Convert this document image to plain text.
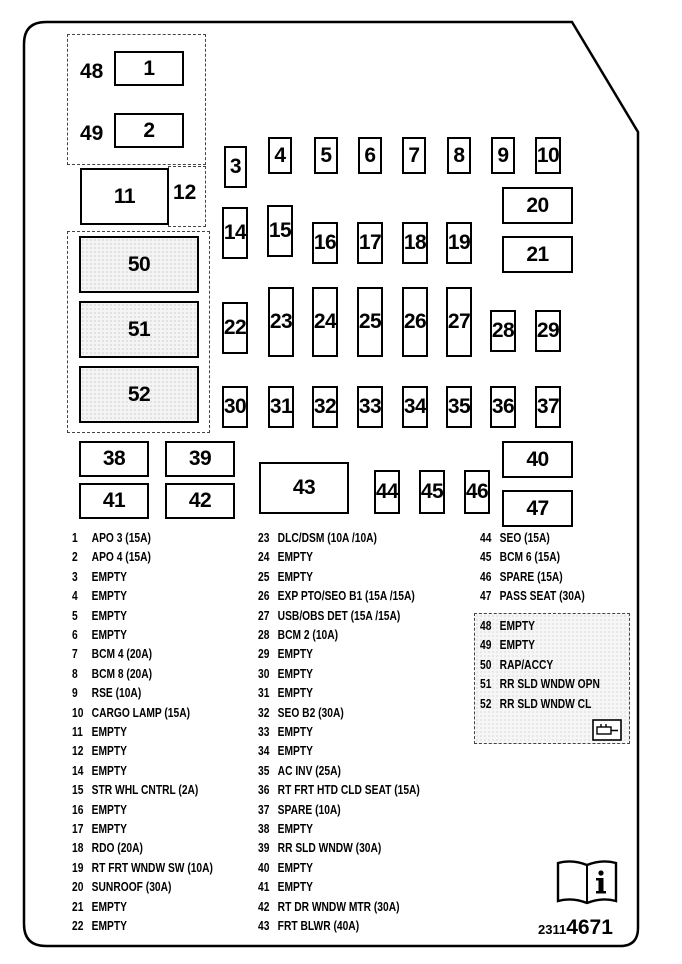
1
2
3	4	5	6	7	8	9	10
11	12
14 15
16 17 18 19
20
21
22 23 24 25 26 27 28 29
30 31 32 33 34 35 36 37
38	39	40
41	42
43	44 45 46
47
48
49
50
51
52
1 APO 3 (15A)
2 APO 4 (15A)
3 EMPTY
4 EMPTY
5 EMPTY
6 EMPTY
7 BCM 4 (20A)
8 BCM 8 (20A)
9 RSE (10A)
10 CARGO LAMP (15A)
11 EMPTY
12 EMPTY
14 EMPTY
15 STR WHL CNTRL (2A)
16 EMPTY
17 EMPTY
18 RDO (20A)
19 RT FRT WNDW SW (10A)
20 SUNROOF (30A)
21 EMPTY
22 EMPTY
23 DLC/DSM (10A /10A)
24 EMPTY
25 EMPTY
26 EXP PTO/SEO B1 (15A /15A)
27 USB/OBS DET (15A /15A)
28 BCM 2 (10A)
29 EMPTY
30 EMPTY
31 EMPTY
32 SEO B2 (30A)
33 EMPTY
34 EMPTY
35 AC INV (25A)
36 RT FRT HTD CLD SEAT (15A)
37 SPARE (10A)
38 EMPTY
39 RR SLD WNDW (30A)
40 EMPTY
41 EMPTY
42 RT DR WNDW MTR (30A)
43 FRT BLWR (40A)
44 SEO (15A)
45 BCM 6 (15A)
46 SPARE (15A)
47 PASS SEAT (30A)
48 EMPTY
49 EMPTY
50 RAP/ACCY
51 RR SLD WNDW OPN
52 RR SLD WNDW CL
23114671
